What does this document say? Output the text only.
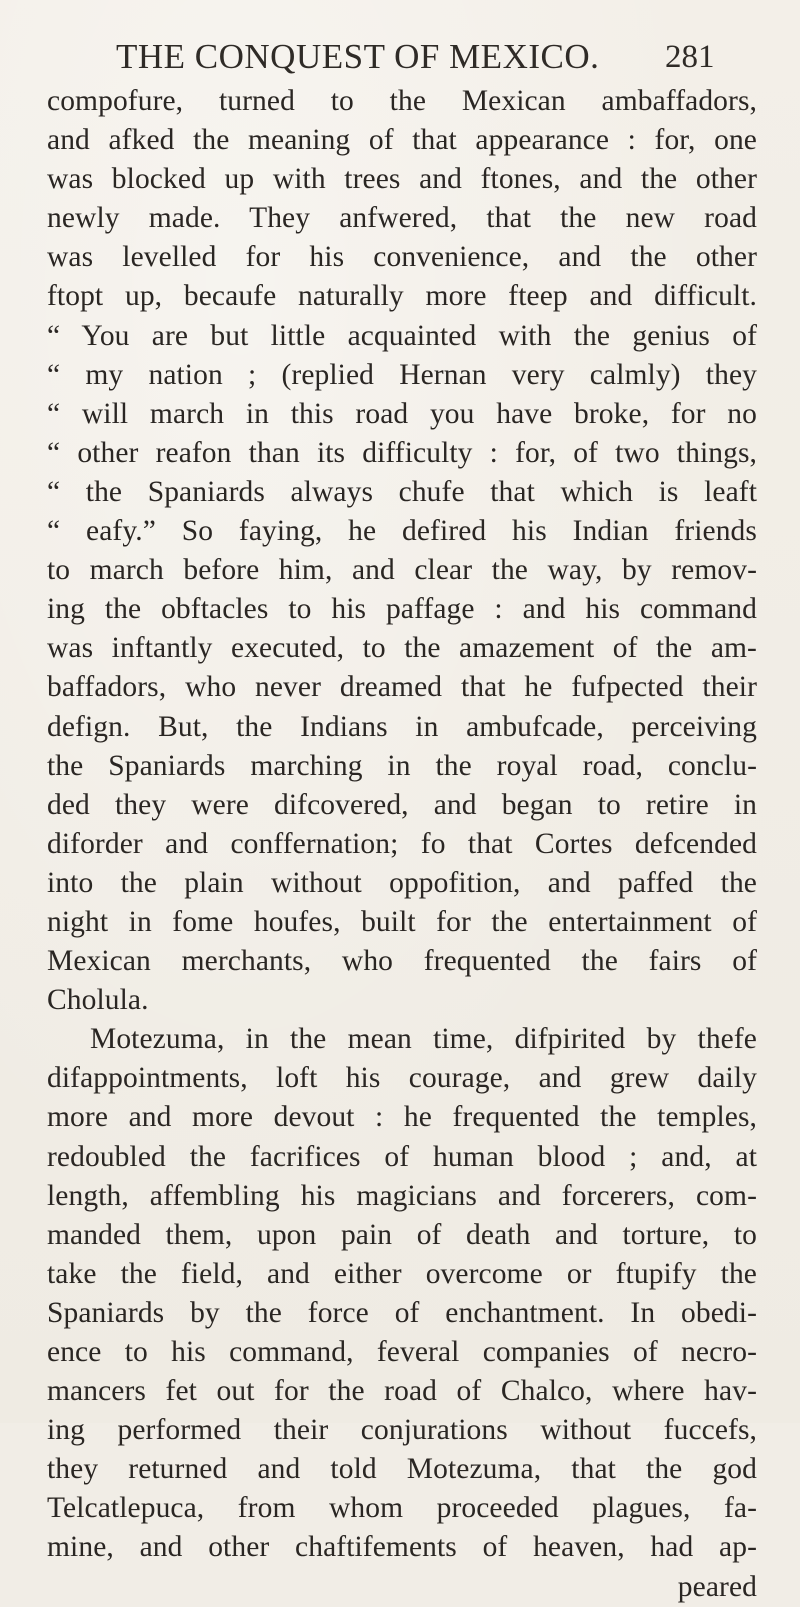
THE CONQUEST OF MEXICO. 281
compofure, turned to the Mexican ambaffadors,
and afked the meaning of that appearance : for, one
was blocked up with trees and ftones, and the other
newly made. They anfwered, that the new road
was levelled for his convenience, and the other
ftopt up, becaufe naturally more fteep and difficult.
“ You are but little acquainted with the genius of
“ my nation ; (replied Hernan very calmly) they
“ will march in this road you have broke, for no
“ other reafon than its difficulty : for, of two things,
“ the Spaniards always chufe that which is leaft
“ eafy.” So faying, he defired his Indian friends
to march before him, and clear the way, by remov-
ing the obftacles to his paffage : and his command
was inftantly executed, to the amazement of the am-
baffadors, who never dreamed that he fufpected their
defign. But, the Indians in ambufcade, perceiving
the Spaniards marching in the royal road, conclu-
ded they were difcovered, and began to retire in
diforder and conffernation; fo that Cortes defcended
into the plain without oppofition, and paffed the
night in fome houfes, built for the entertainment of
Mexican merchants, who frequented the fairs of
Cholula.
Motezuma, in the mean time, difpirited by thefe
difappointments, loft his courage, and grew daily
more and more devout : he frequented the temples,
redoubled the facrifices of human blood ; and, at
length, affembling his magicians and forcerers, com-
manded them, upon pain of death and torture, to
take the field, and either overcome or ftupify the
Spaniards by the force of enchantment. In obedi-
ence to his command, feveral companies of necro-
mancers fet out for the road of Chalco, where hav-
ing performed their conjurations without fuccefs,
they returned and told Motezuma, that the god
Telcatlepuca, from whom proceeded plagues, fa-
mine, and other chaftifements of heaven, had ap-
peared
